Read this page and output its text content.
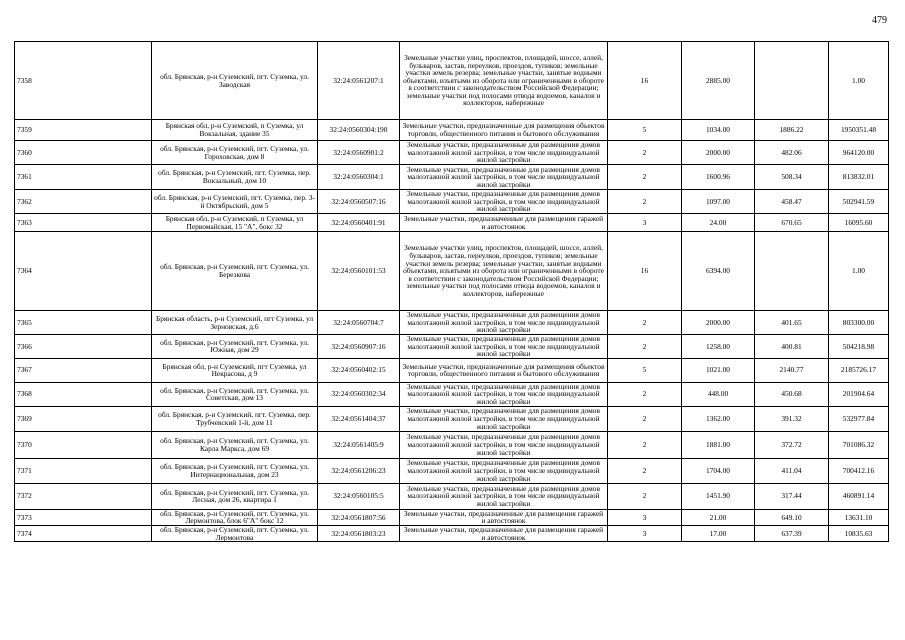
479
7358	обл. Брянская, р-н Суземский, пгт. Суземка, ул. Заводская	32:24:0561207:1	Земельные участки улиц, проспектов, площадей, шоссе, аллей, бульваров, застав, переулков, проездов, тупиков; земельные участки земель резерва; земельные участки, занятые водными объектами, изъятыми из оборота или ограниченными в обороте в соответствии с законодательством Российской Федерации; земельные участки под полосами отвода водоемов, каналов и коллекторов, набережные	16	2885.00		1.00
7359	Брянская обл, р-н Суземский, п Суземка, ул Вокзальная, здание 35	32:24:0560304:190	Земельные участки, предназначенные для размещения объектов торговли, общественного питания и бытового обслуживания	5	1034.00	1886.22	1950351.48
7360	обл. Брянская, р-н Суземский, пгт. Суземка, ул. Гороховская, дом 8	32:24:0560901:2	Земельные участки, предназначенные для размещения домов малоэтажной жилой застройки, в том числе индивидуальной жилой застройки	2	2000.00	482.06	964120.00
7361	обл. Брянская, р-н Суземский, пгт. Суземка, пер. Вокзальный, дом 10	32:24:0560304:1	Земельные участки, предназначенные для размещения домов малоэтажной жилой застройки, в том числе индивидуальной жилой застройки	2	1600.96	508.34	813832.01
7362	обл. Брянская, р-н Суземский, пгт. Суземка, пер. 3-й Октябрьский, дом 5	32:24:0560507:16	Земельные участки, предназначенные для размещения домов малоэтажной жилой застройки, в том числе индивидуальной жилой застройки	2	1097.00	458.47	502941.59
7363	Брянская обл, р-н Суземский, п Суземка, ул Первомайская, 15 "А", бокс 32	32:24:0560401:91	Земельные участки, предназначенные для размещения гаражей и автостоянок	3	24.00	670.65	16095.60
7364	обл. Брянская, р-н Суземский, пгт. Суземка, ул. Березкова	32:24:0560101:53	Земельные участки улиц, проспектов, площадей, шоссе, аллей, бульваров, застав, переулков, проездов, тупиков; земельные участки земель резерва; земельные участки, занятые водными объектами, изъятыми из оборота или ограниченными в обороте в соответствии с законодательством Российской Федерации; земельные участки под полосами отвода водоемов, каналов и коллекторов, набережные	16	6394.00		1.00
7365	Брянская область, р-н Суземский, пгт Суземка, ул Зерновская, д.6	32:24:0560704:7	Земельные участки, предназначенные для размещения домов малоэтажной жилой застройки, в том числе индивидуальной жилой застройки	2	2000.00	401.65	803300.00
7366	обл. Брянская, р-н Суземский, пгт. Суземка, ул. Южная, дом 29	32:24:0560907:16	Земельные участки, предназначенные для размещения домов малоэтажной жилой застройки, в том числе индивидуальной жилой застройки	2	1258.00	400.81	504218.98
7367	Брянская обл, р-н Суземский, пгт Суземка, ул Некрасова, д 9	32:24:0560402:15	Земельные участки, предназначенные для размещения объектов торговли, общественного питания и бытового обслуживания	5	1021.00	2140.77	2185726.17
7368	обл. Брянская, р-н Суземский, пгт. Суземка, ул. Советская, дом 13	32:24:0560302:34	Земельные участки, предназначенные для размещения домов малоэтажной жилой застройки, в том числе индивидуальной жилой застройки	2	448.00	450.68	201904.64
7369	обл. Брянская, р-н Суземский, пгт. Суземка, пер. Трубчевский 1-й, дом 11	32:24:0561404:37	Земельные участки, предназначенные для размещения домов малоэтажной жилой застройки, в том числе индивидуальной жилой застройки	2	1362.00	391.32	532977.84
7370	обл. Брянская, р-н Суземский, пгт. Суземка, ул. Карла Маркса, дом 69	32:24:0561405:9	Земельные участки, предназначенные для размещения домов малоэтажной жилой застройки, в том числе индивидуальной жилой застройки	2	1881.00	372.72	701086.32
7371	обл. Брянская, р-н Суземский, пгт. Суземка, ул. Интернациональная, дом 23	32:24:0561206:23	Земельные участки, предназначенные для размещения домов малоэтажной жилой застройки, в том числе индивидуальной жилой застройки	2	1704.00	411.04	700412.16
7372	обл. Брянская, р-н Суземский, пгт. Суземка, ул. Лесная, дом 26, квартира 1	32:24:0560105:5	Земельные участки, предназначенные для размещения домов малоэтажной жилой застройки, в том числе индивидуальной жилой застройки	2	1451.90	317.44	460891.14
7373	обл. Брянская, р-н Суземский, пгт. Суземка, ул. Лермонтова, блок 6"А" бокс 12	32:24:0561807:56	Земельные участки, предназначенные для размещения гаражей и автостоянок	3	21.00	649.10	13631.10
7374	обл. Брянская, р-н Суземский, пгт. Суземка, ул. Лермонтова	32:24:0561803:23	Земельные участки, предназначенные для размещения гаражей и автостоянок	3	17.00	637.39	10835.63
